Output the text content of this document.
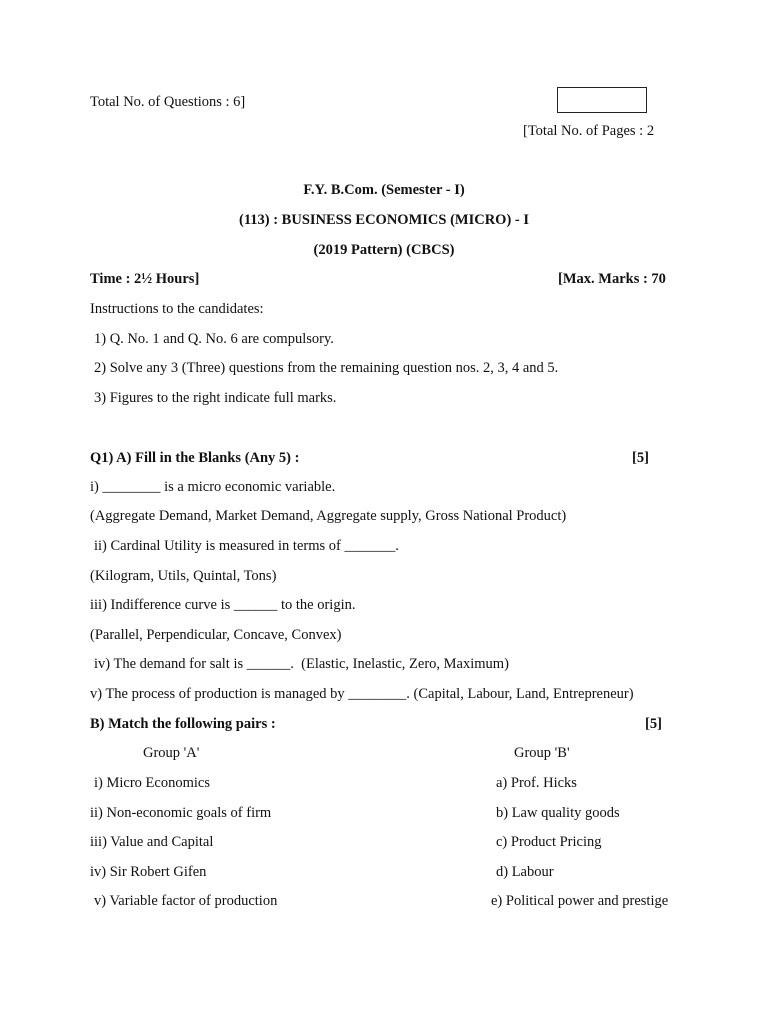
Total No. of Questions : 6]
[Total No. of Pages : 2
F.Y. B.Com. (Semester - I)
(113) : BUSINESS ECONOMICS (MICRO) - I
(2019 Pattern) (CBCS)
Time : 2½ Hours]	[Max. Marks : 70
Instructions to the candidates:
1) Q. No. 1 and Q. No. 6 are compulsory.
2) Solve any 3 (Three) questions from the remaining question nos. 2, 3, 4 and 5.
3) Figures to the right indicate full marks.
Q1) A) Fill in the Blanks (Any 5) :	[5]
i) ________ is a micro economic variable.
(Aggregate Demand, Market Demand, Aggregate supply, Gross National Product)
ii) Cardinal Utility is measured in terms of _______.
(Kilogram, Utils, Quintal, Tons)
iii) Indifference curve is ______ to the origin.
(Parallel, Perpendicular, Concave, Convex)
iv) The demand for salt is ______.  (Elastic, Inelastic, Zero, Maximum)
v) The process of production is managed by ________. (Capital, Labour, Land, Entrepreneur)
B) Match the following pairs :	[5]
Group 'A'	Group 'B'
i) Micro Economics	a) Prof. Hicks
ii) Non-economic goals of firm	b) Law quality goods
iii) Value and Capital	c) Product Pricing
iv) Sir Robert Gifen	d) Labour
v) Variable factor of production	e) Political power and prestige
